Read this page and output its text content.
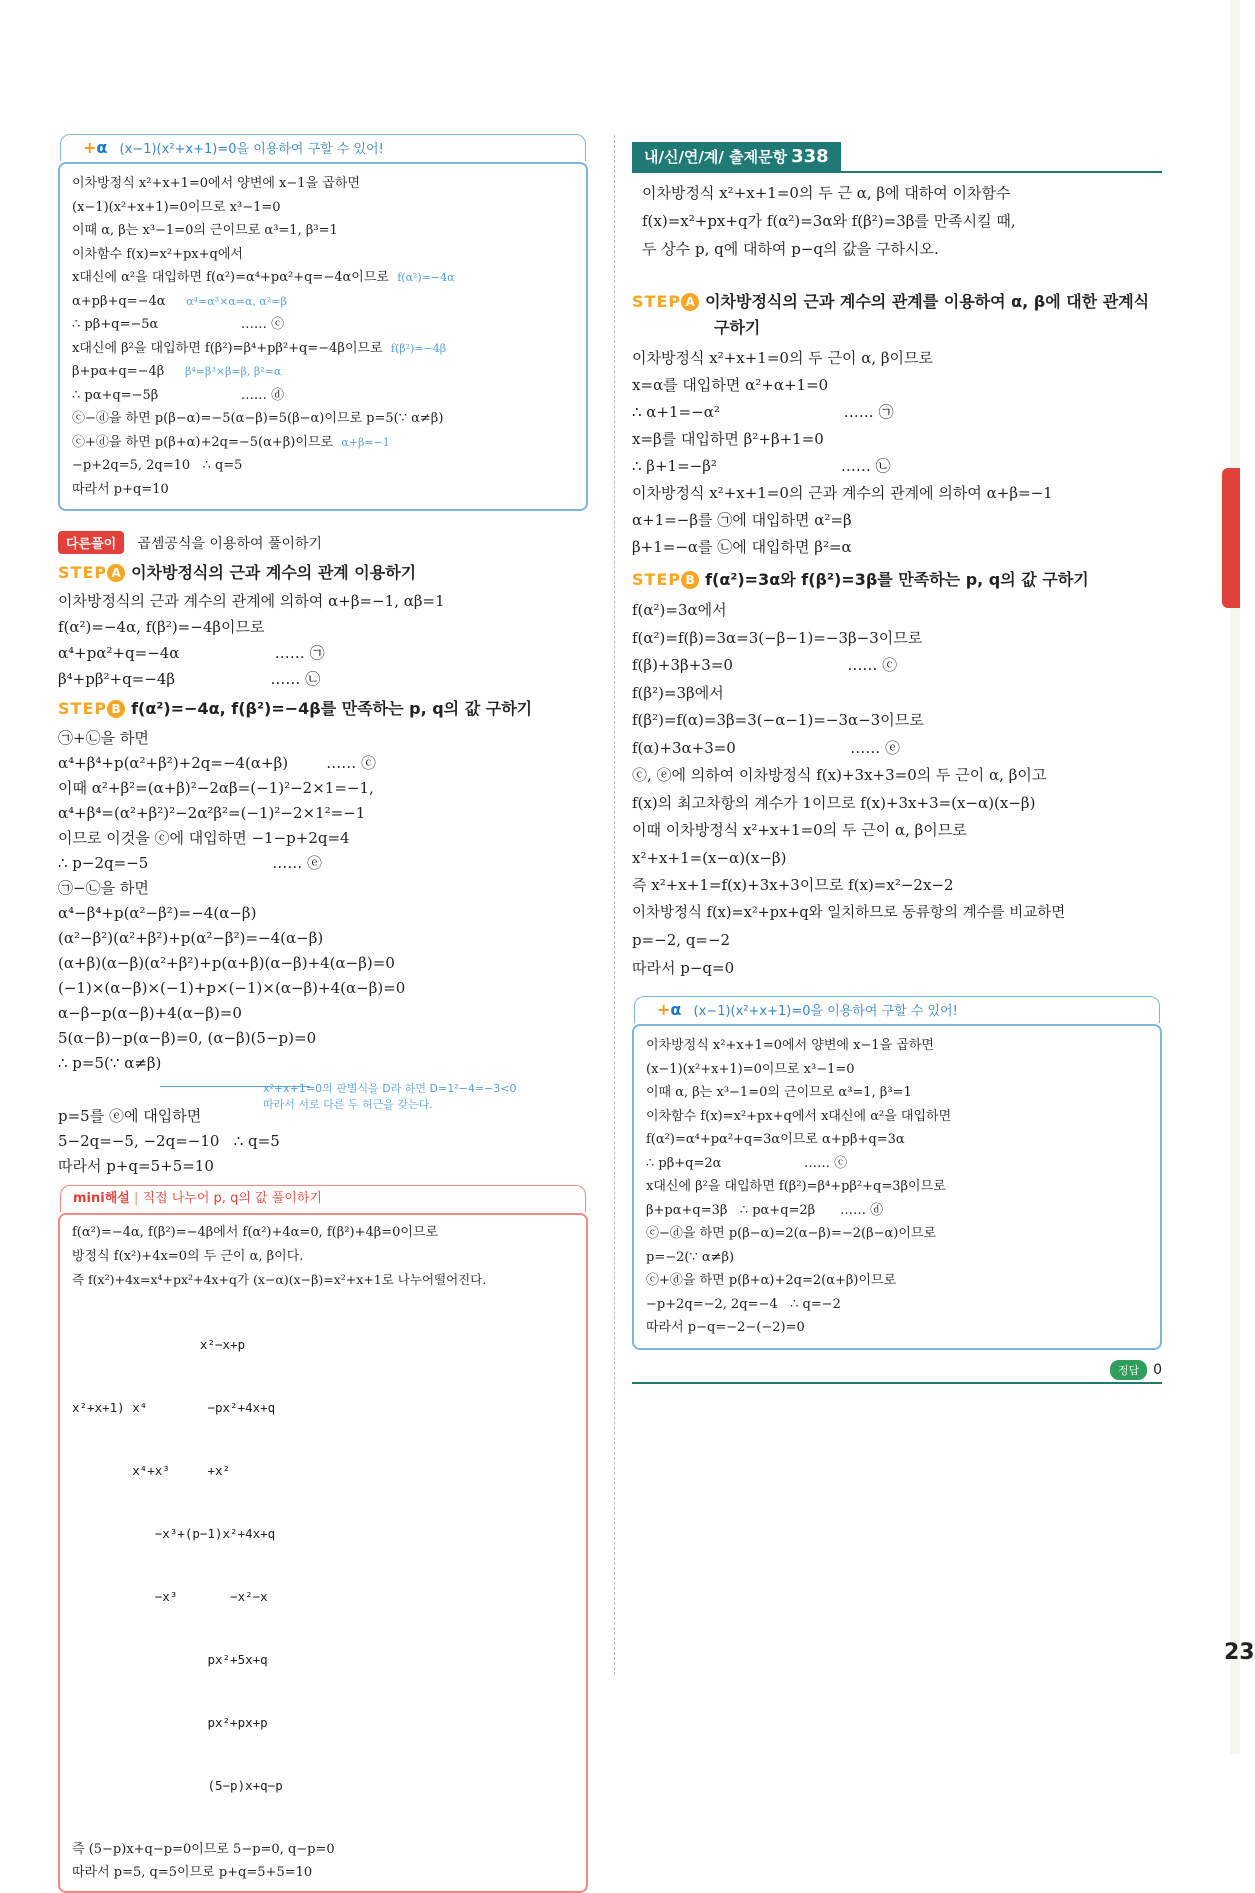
+α (x−1)(x²+x+1)=0을 이용하여 구할 수 있어!
이차방정식 x²+x+1=0에서 양변에 x−1을 곱하면
(x−1)(x²+x+1)=0이므로 x³−1=0
이때 α, β는 x³−1=0의 근이므로 α³=1, β³=1
이차함수 f(x)=x²+px+q에서
x대신에 α²을 대입하면 f(α²)=α⁴+pα²+q=−4α이므로 f(α²)=−4α
α+pβ+q=−4α α⁴=α³×α=α, α²=β
∴ pβ+q=−5α                    …… ⓒ
x대신에 β²을 대입하면 f(β²)=β⁴+pβ²+q=−4β이므로 f(β²)=−4β
β+pα+q=−4β β⁴=β³×β=β, β²=α
∴ pα+q=−5β                    …… ⓓ
ⓒ−ⓓ을 하면 p(β−α)=−5(α−β)=5(β−α)이므로 p=5(∵ α≠β)
ⓒ+ⓓ을 하면 p(β+α)+2q=−5(α+β)이므로 α+β=−1
−p+2q=5, 2q=10   ∴ q=5
따라서 p+q=10
다른풀이 곱셈공식을 이용하여 풀이하기
STEP A 이차방정식의 근과 계수의 관계 이용하기
이차방정식의 근과 계수의 관계에 의하여 α+β=−1, αβ=1
f(α²)=−4α, f(β²)=−4β이므로
α⁴+pα²+q=−4α                    …… ㉠
β⁴+pβ²+q=−4β                    …… ㉡
STEP B f(α²)=−4α, f(β²)=−4β를 만족하는 p, q의 값 구하기
㉠+㉡을 하면
α⁴+β⁴+p(α²+β²)+2q=−4(α+β)        …… ⓒ
이때 α²+β²=(α+β)²−2αβ=(−1)²−2×1=−1,
α⁴+β⁴=(α²+β²)²−2α²β²=(−1)²−2×1²=−1
이므로 이것을 ⓒ에 대입하면 −1−p+2q=4
∴ p−2q=−5                          …… ⓔ
㉠−㉡을 하면
α⁴−β⁴+p(α²−β²)=−4(α−β)
(α²−β²)(α²+β²)+p(α²−β²)=−4(α−β)
(α+β)(α−β)(α²+β²)+p(α+β)(α−β)+4(α−β)=0
(−1)×(α−β)×(−1)+p×(−1)×(α−β)+4(α−β)=0
α−β−p(α−β)+4(α−β)=0
5(α−β)−p(α−β)=0, (α−β)(5−p)=0
∴ p=5(∵ α≠β)
x²+x+1=0의 판별식을 D라 하면 D=1²−4=−3<0
따라서 서로 다른 두 허근을 갖는다.
p=5를 ⓔ에 대입하면
5−2q=−5, −2q=−10   ∴ q=5
따라서 p+q=5+5=10
mini해설 | 직접 나누어 p, q의 값 풀이하기
f(α²)=−4α, f(β²)=−4β에서 f(α²)+4α=0, f(β²)+4β=0이므로
방정식 f(x²)+4x=0의 두 근이 α, β이다.
즉 f(x²)+4x=x⁴+px²+4x+q가 (x−α)(x−β)=x²+x+1로 나누어떨어진다.

x²−x+p

x²+x+1) x⁴        −px²+4x+q

x⁴+x³     +x²

−x³+(p−1)x²+4x+q

−x³       −x²−x

px²+5x+q

px²+px+p

(5−p)x+q−p

즉 (5−p)x+q−p=0이므로 5−p=0, q−p=0
따라서 p=5, q=5이므로 p+q=5+5=10
내/신/연/계/ 출제문항 338
이차방정식 x²+x+1=0의 두 근 α, β에 대하여 이차함수
f(x)=x²+px+q가 f(α²)=3α와 f(β²)=3β를 만족시킬 때,
두 상수 p, q에 대하여 p−q의 값을 구하시오.
STEP A 이차방정식의 근과 계수의 관계를 이용하여 α, β에 대한 관계식
구하기
이차방정식 x²+x+1=0의 두 근이 α, β이므로
x=α를 대입하면 α²+α+1=0
∴ α+1=−α²                          …… ㉠
x=β를 대입하면 β²+β+1=0
∴ β+1=−β²                          …… ㉡
이차방정식 x²+x+1=0의 근과 계수의 관계에 의하여 α+β=−1
α+1=−β를 ㉠에 대입하면 α²=β
β+1=−α를 ㉡에 대입하면 β²=α
STEP B f(α²)=3α와 f(β²)=3β를 만족하는 p, q의 값 구하기
f(α²)=3α에서
f(α²)=f(β)=3α=3(−β−1)=−3β−3이므로
f(β)+3β+3=0                        …… ⓒ
f(β²)=3β에서
f(β²)=f(α)=3β=3(−α−1)=−3α−3이므로
f(α)+3α+3=0                        …… ⓔ
ⓒ, ⓔ에 의하여 이차방정식 f(x)+3x+3=0의 두 근이 α, β이고
f(x)의 최고차항의 계수가 1이므로 f(x)+3x+3=(x−α)(x−β)
이때 이차방정식 x²+x+1=0의 두 근이 α, β이므로
x²+x+1=(x−α)(x−β)
즉 x²+x+1=f(x)+3x+3이므로 f(x)=x²−2x−2
이차방정식 f(x)=x²+px+q와 일치하므로 동류항의 계수를 비교하면
p=−2, q=−2
따라서 p−q=0
+α (x−1)(x²+x+1)=0을 이용하여 구할 수 있어!
이차방정식 x²+x+1=0에서 양변에 x−1을 곱하면
(x−1)(x²+x+1)=0이므로 x³−1=0
이때 α, β는 x³−1=0의 근이므로 α³=1, β³=1
이차함수 f(x)=x²+px+q에서 x대신에 α²을 대입하면
f(α²)=α⁴+pα²+q=3α이므로 α+pβ+q=3α
∴ pβ+q=2α                    …… ⓒ
x대신에 β²을 대입하면 f(β²)=β⁴+pβ²+q=3β이므로
β+pα+q=3β   ∴ pα+q=2β      …… ⓓ
ⓒ−ⓓ을 하면 p(β−α)=2(α−β)=−2(β−α)이므로
p=−2(∵ α≠β)
ⓒ+ⓓ을 하면 p(β+α)+2q=2(α+β)이므로
−p+2q=−2, 2q=−4   ∴ q=−2
따라서 p−q=−2−(−2)=0
정답 0
23
